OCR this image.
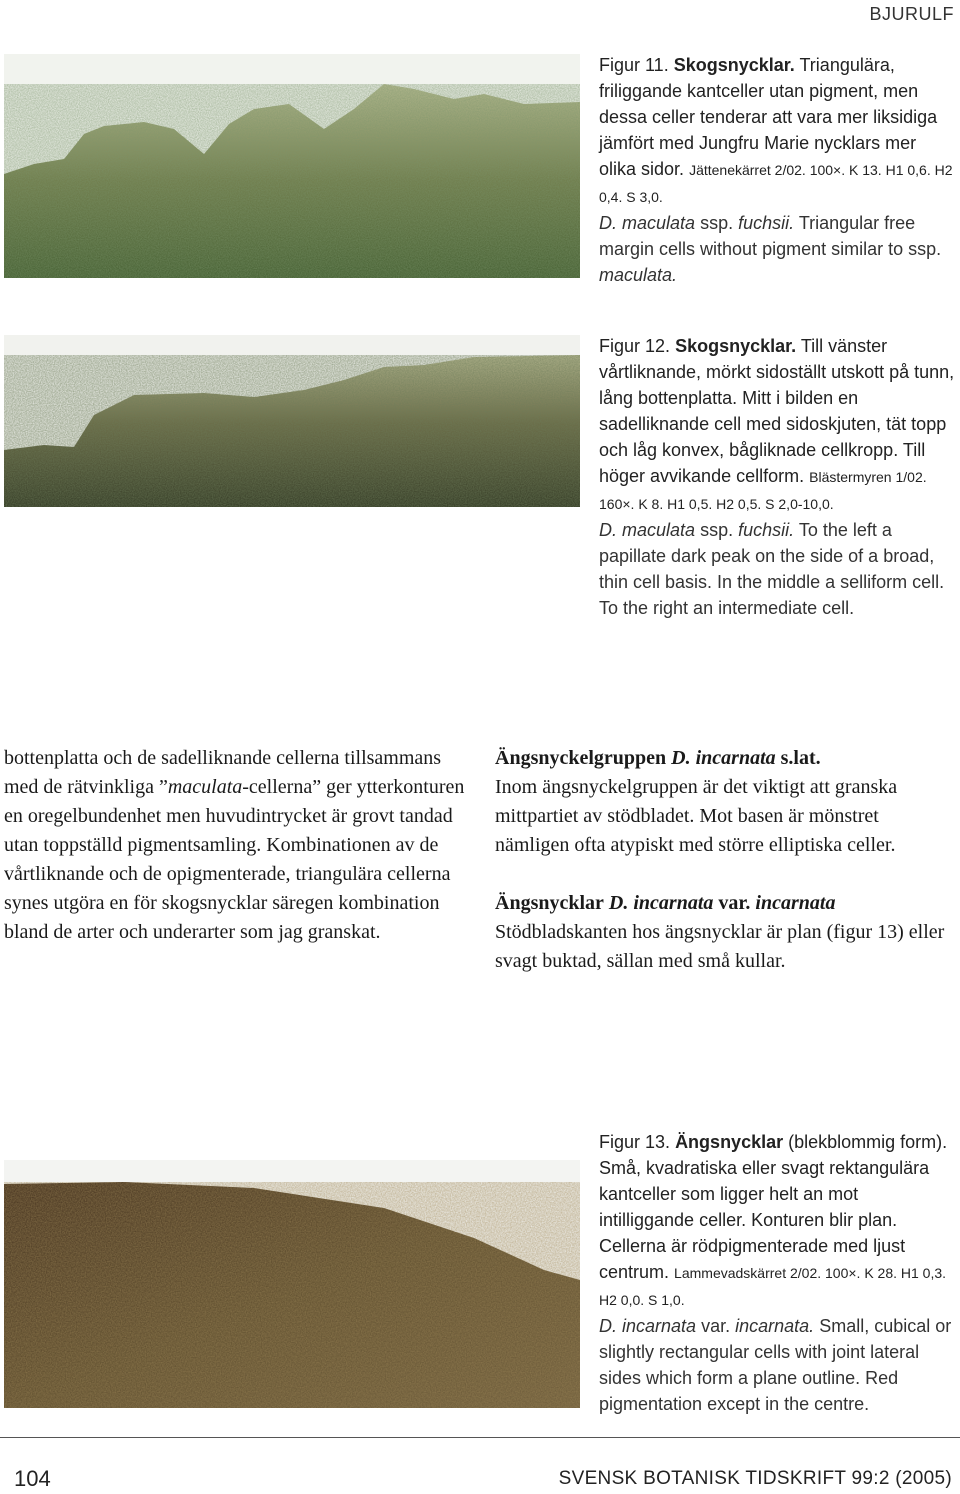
BJURULF
Figur 11. Skogsnycklar. Triangulära, friliggande kantceller utan pigment, men dessa celler tenderar att vara mer liksidiga jämfört med Jungfru Marie nycklars mer olika sidor. Jättenekärret 2/02. 100×. K 13. H1 0,6. H2 0,4. S 3,0.
D. maculata ssp. fuchsii. Triangular free margin cells without pigment similar to ssp. maculata.
Figur 12. Skogsnycklar. Till vänster vårtliknande, mörkt sidoställt utskott på tunn, lång bottenplatta. Mitt i bilden en sadelliknande cell med sidoskjuten, tät topp och låg konvex, bågliknade cellkropp. Till höger avvikande cellform. Blästermyren 1/02. 160×. K 8. H1 0,5. H2 0,5. S 2,0-10,0.
D. maculata ssp. fuchsii. To the left a papillate dark peak on the side of a broad, thin cell basis. In the middle a selliform cell. To the right an intermediate cell.

bottenplatta och de sadelliknande cellerna tillsammans med de rätvinkliga ”maculata-cellerna” ger ytterkonturen en oregelbundenhet men huvudintrycket är grovt tandad utan toppställd pigmentsamling. Kombinationen av de vårtliknande och de opigmenterade, triangulära cellerna synes utgöra en för skogsnycklar säregen kombination bland de arter och underarter som jag granskat.

Ängsnyckelgruppen D. incarnata s.lat.

Inom ängsnyckelgruppen är det viktigt att granska mittpartiet av stödbladet. Mot basen är mönstret nämligen ofta atypiskt med större elliptiska celler.

Ängsnycklar D. incarnata var. incarnata

Stödbladskanten hos ängsnycklar är plan (figur 13) eller svagt buktad, sällan med små kullar.

Figur 13. Ängsnycklar (blekblommig form). Små, kvadratiska eller svagt rektangulära kantceller som ligger helt an mot intilliggande celler. Konturen blir plan. Cellerna är rödpigmenterade med ljust centrum. Lammevadskärret 2/02. 100×. K 28. H1 0,3. H2 0,0. S 1,0.
D. incarnata var. incarnata. Small, cubical or slightly rectangular cells with joint lateral sides which form a plane outline. Red pigmentation except in the centre.
104	SVENSK BOTANISK TIDSKRIFT 99:2 (2005)
